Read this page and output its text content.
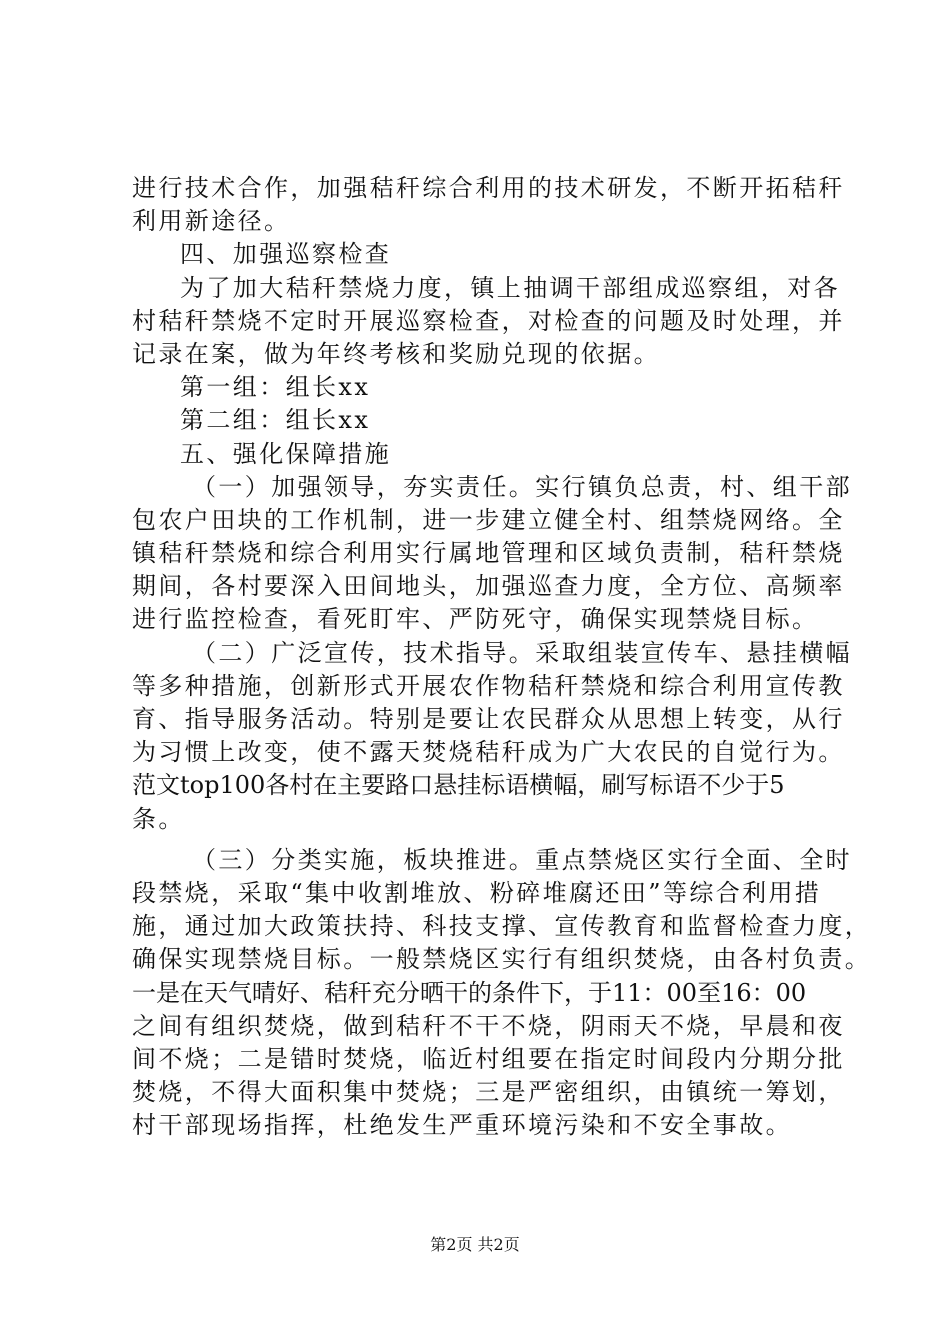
进行技术合作，加强秸秆综合利用的技术研发，不断开拓秸秆
利用新途径。
四、加强巡察检查
为了加大秸秆禁烧力度，镇上抽调干部组成巡察组，对各
村秸秆禁烧不定时开展巡察检查，对检查的问题及时处理，并
记录在案，做为年终考核和奖励兑现的依据。
第一组：组长xx
第二组：组长xx
五、强化保障措施
（一）加强领导，夯实责任。实行镇负总责，村、组干部
包农户田块的工作机制，进一步建立健全村、组禁烧网络。全
镇秸秆禁烧和综合利用实行属地管理和区域负责制，秸秆禁烧
期间，各村要深入田间地头，加强巡查力度，全方位、高频率
进行监控检查，看死盯牢、严防死守，确保实现禁烧目标。
（二）广泛宣传，技术指导。采取组装宣传车、悬挂横幅
等多种措施，创新形式开展农作物秸秆禁烧和综合利用宣传教
育、指导服务活动。特别是要让农民群众从思想上转变，从行
为习惯上改变，使不露天焚烧秸秆成为广大农民的自觉行为。
范文top100各村在主要路口悬挂标语横幅，刷写标语不少于5
条。
（三）分类实施，板块推进。重点禁烧区实行全面、全时
段禁烧，采取“集中收割堆放、粉碎堆腐还田”等综合利用措
施，通过加大政策扶持、科技支撑、宣传教育和监督检查力度，
确保实现禁烧目标。一般禁烧区实行有组织焚烧，由各村负责。
一是在天气晴好、秸秆充分晒干的条件下，于11：00至16：00
之间有组织焚烧，做到秸秆不干不烧，阴雨天不烧，早晨和夜
间不烧；二是错时焚烧，临近村组要在指定时间段内分期分批
焚烧，不得大面积集中焚烧；三是严密组织，由镇统一筹划，
村干部现场指挥，杜绝发生严重环境污染和不安全事故。
第2页 共2页
